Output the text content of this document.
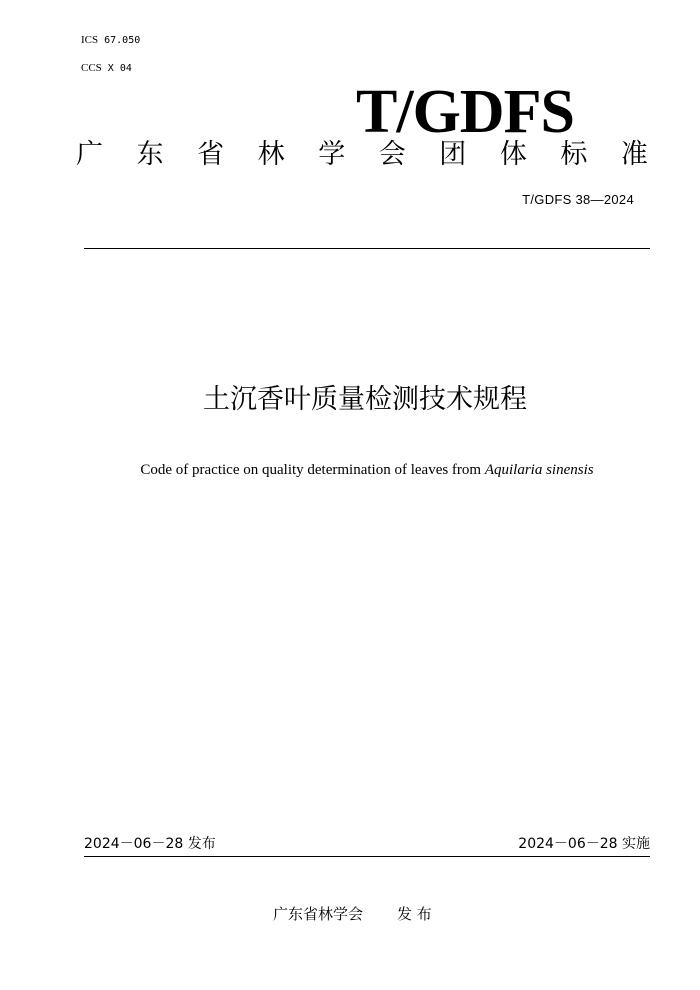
ICS 67.050
CCS X 04
T/GDFS
广 东 省 林 学 会 团 体 标 准
T/GDFS 38—2024
土沉香叶质量检测技术规程
Code of practice on quality determination of leaves from Aquilaria sinensis
2024－06－28 发布	2024－06－28 实施
广东省林学会 发 布
